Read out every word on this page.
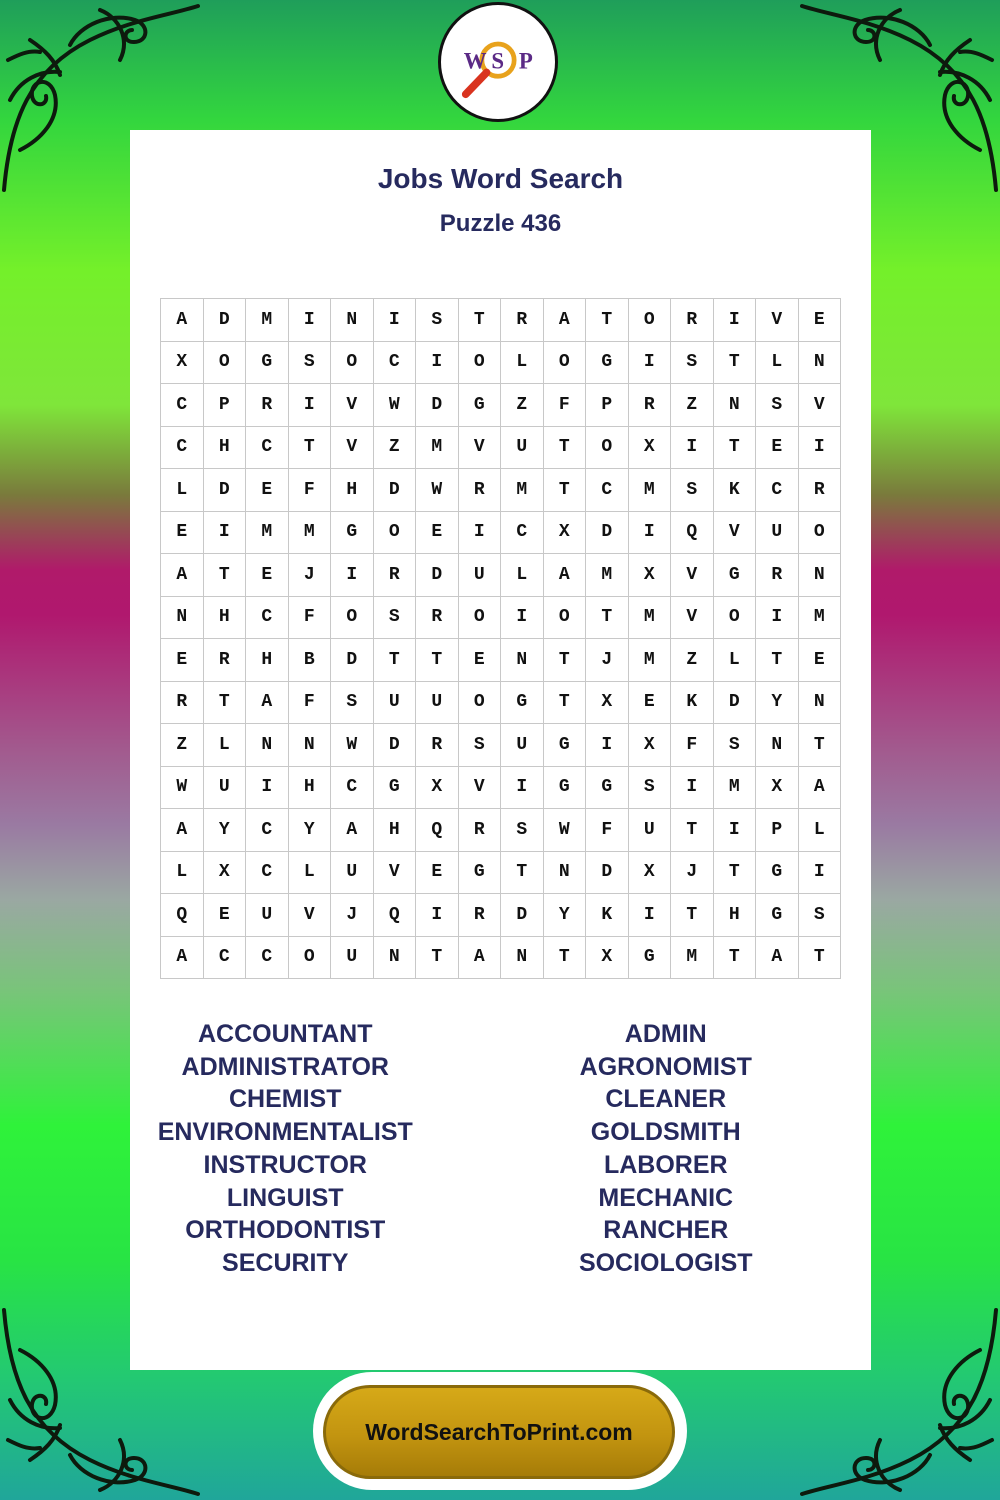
W S P
Jobs Word Search
Puzzle 436
A	D	M	I	N	I	S	T	R	A	T	O	R	I	V	E
X	O	G	S	O	C	I	O	L	O	G	I	S	T	L	N
C	P	R	I	V	W	D	G	Z	F	P	R	Z	N	S	V
C	H	C	T	V	Z	M	V	U	T	O	X	I	T	E	I
L	D	E	F	H	D	W	R	M	T	C	M	S	K	C	R
E	I	M	M	G	O	E	I	C	X	D	I	Q	V	U	O
A	T	E	J	I	R	D	U	L	A	M	X	V	G	R	N
N	H	C	F	O	S	R	O	I	O	T	M	V	O	I	M
E	R	H	B	D	T	T	E	N	T	J	M	Z	L	T	E
R	T	A	F	S	U	U	O	G	T	X	E	K	D	Y	N
Z	L	N	N	W	D	R	S	U	G	I	X	F	S	N	T
W	U	I	H	C	G	X	V	I	G	G	S	I	M	X	A
A	Y	C	Y	A	H	Q	R	S	W	F	U	T	I	P	L
L	X	C	L	U	V	E	G	T	N	D	X	J	T	G	I
Q	E	U	V	J	Q	I	R	D	Y	K	I	T	H	G	S
A	C	C	O	U	N	T	A	N	T	X	G	M	T	A	T
ACCOUNTANT
ADMINISTRATOR
CHEMIST
ENVIRONMENTALIST
INSTRUCTOR
LINGUIST
ORTHODONTIST
SECURITY
ADMIN
AGRONOMIST
CLEANER
GOLDSMITH
LABORER
MECHANIC
RANCHER
SOCIOLOGIST
WordSearchToPrint.com
